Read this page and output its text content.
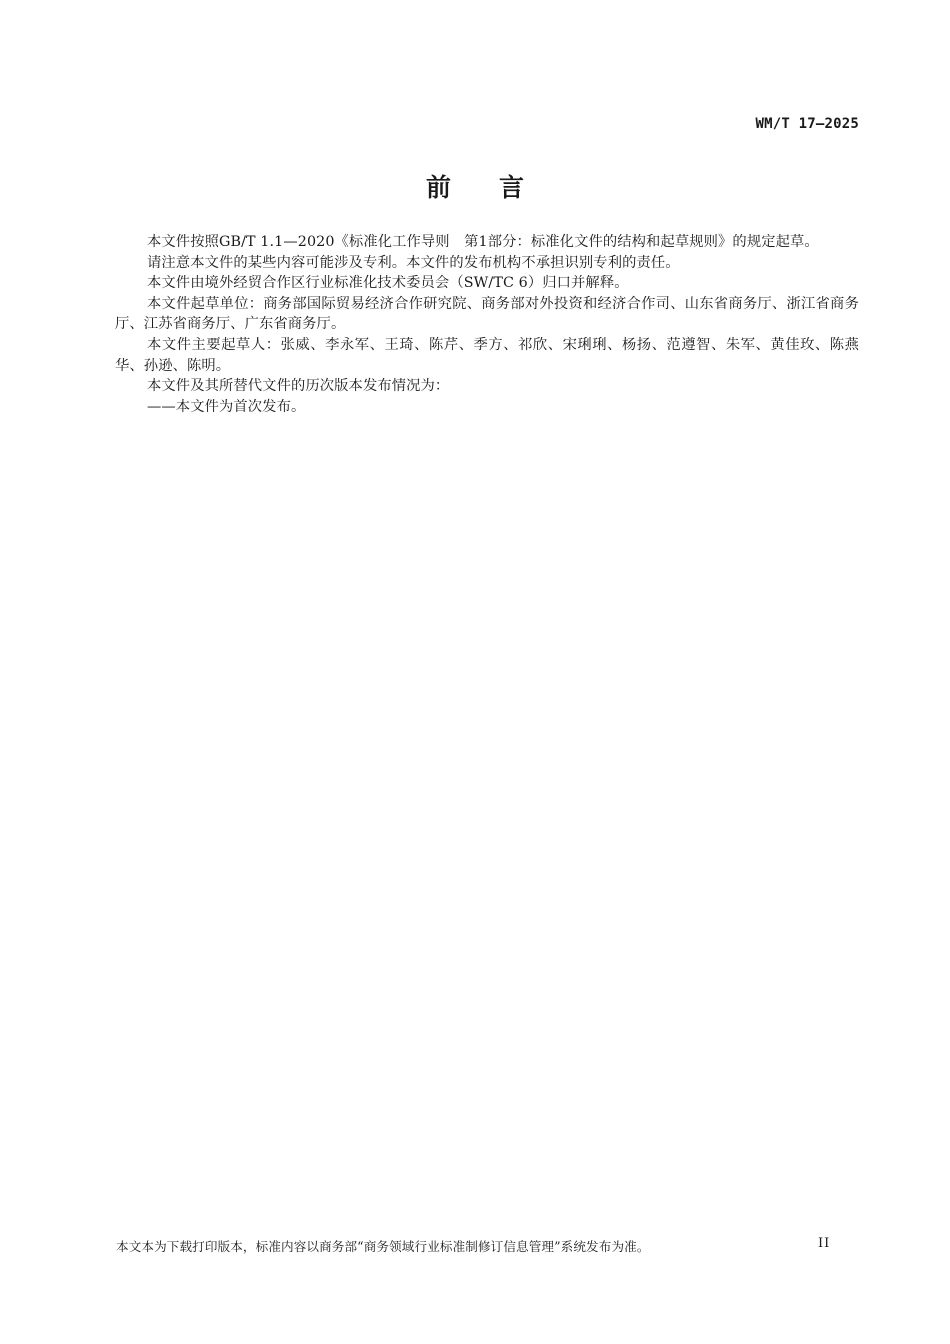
WM/T 17—2025
前言

本文件按照GB/T 1.1—2020《标准化工作导则　第1部分：标准化文件的结构和起草规则》的规定起草。

请注意本文件的某些内容可能涉及专利。本文件的发布机构不承担识别专利的责任。

本文件由境外经贸合作区行业标准化技术委员会（SW/TC 6）归口并解释。

本文件起草单位：商务部国际贸易经济合作研究院、商务部对外投资和经济合作司、山东省商务厅、浙江省商务厅、江苏省商务厅、广东省商务厅。

本文件主要起草人：张威、李永军、王琦、陈芹、季方、祁欣、宋琍琍、杨扬、范遵智、朱军、黄佳玫、陈燕华、孙逊、陈明。

本文件及其所替代文件的历次版本发布情况为：

——本文件为首次发布。

本文本为下载打印版本，标准内容以商务部“商务领域行业标准制修订信息管理”系统发布为准。	II
